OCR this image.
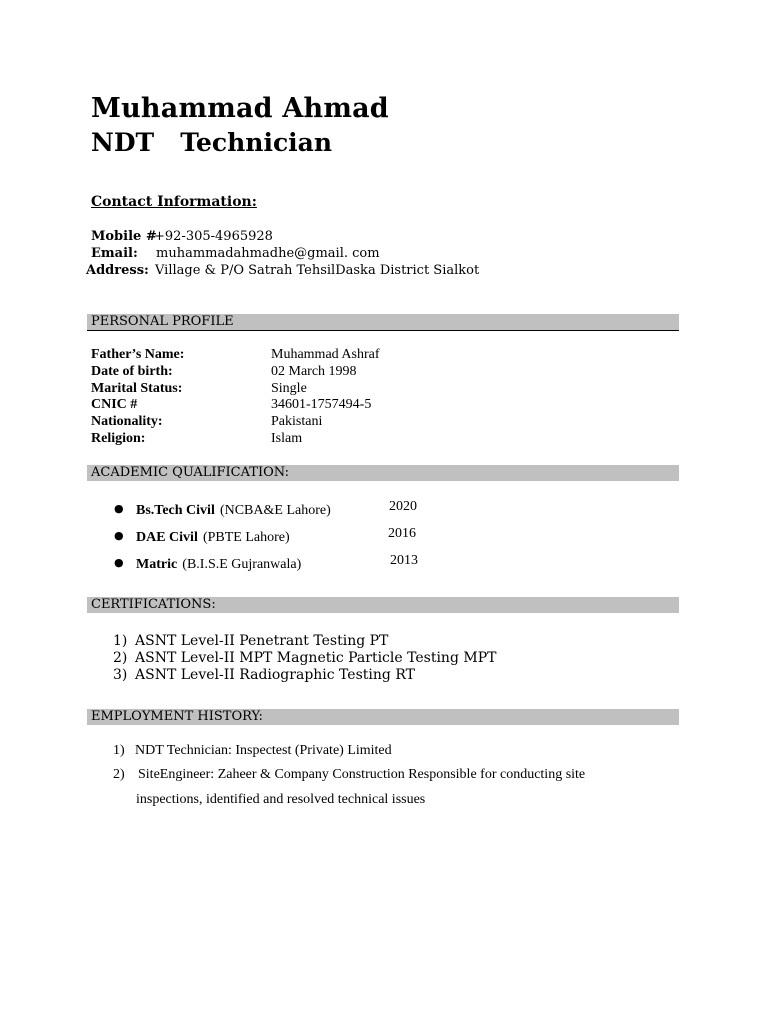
Muhammad Ahmad
NDT   Technician
Contact Information:
Mobile #
+92-305-4965928
Email: muhammadahmadhe@gmail. com
Address: Village & P/O Satrah TehsilDaska District Sialkot
PERSONAL PROFILE
Father’s Name:	Muhammad Ashraf
Date of birth:	02 March 1998
Marital Status:	Single
CNIC #	34601-1757494-5
Nationality:	Pakistani
Religion:	Islam
ACADEMIC QUALIFICATION:
● Bs.Tech Civil (NCBA&E Lahore)	2020
● DAE Civil (PBTE Lahore)	2016
● Matric (B.I.S.E Gujranwala)	2013
CERTIFICATIONS:
1) ASNT Level-II Penetrant Testing PT
2) ASNT Level-II MPT Magnetic Particle Testing MPT
3) ASNT Level-II Radiographic Testing RT
EMPLOYMENT HISTORY:
1) NDT Technician: Inspectest (Private) Limited
2) SiteEngineer: Zaheer & Company Construction Responsible for conducting site
inspections, identified and resolved technical issues
